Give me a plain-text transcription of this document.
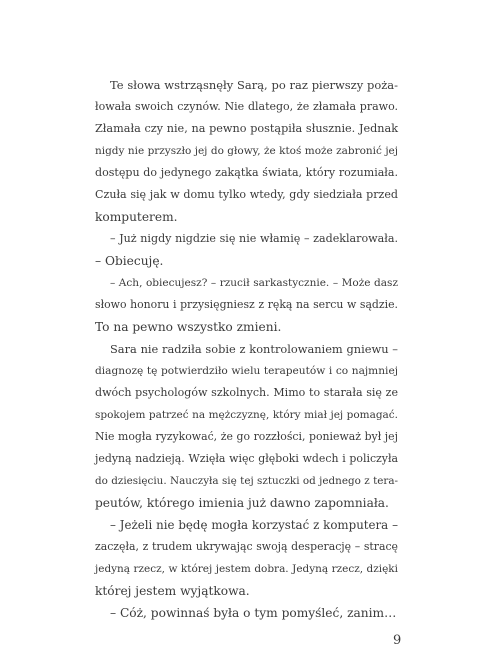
Te słowa wstrząsnęły Sarą, po raz pierwszy poża-
łowała swoich czynów. Nie dlatego, że złamała prawo.
Złamała czy nie, na pewno postąpiła słusznie. Jednak
nigdy nie przyszło jej do głowy, że ktoś może zabronić jej
dostępu do jedynego zakątka świata, który rozumiała.
Czuła się jak w domu tylko wtedy, gdy siedziała przed
komputerem.
– Już nigdy nigdzie się nie włamię – zadeklarowała.
– Obiecuję.
– Ach, obiecujesz? – rzucił sarkastycznie. – Może dasz
słowo honoru i przysięgniesz z ręką na sercu w sądzie.
To na pewno wszystko zmieni.
Sara nie radziła sobie z kontrolowaniem gniewu –
diagnozę tę potwierdziło wielu terapeutów i co najmniej
dwóch psychologów szkolnych. Mimo to starała się ze
spokojem patrzeć na mężczyznę, który miał jej pomagać.
Nie mogła ryzykować, że go rozzłości, ponieważ był jej
jedyną nadzieją. Wzięła więc głęboki wdech i policzyła
do dziesięciu. Nauczyła się tej sztuczki od jednego z tera-
peutów, którego imienia już dawno zapomniała.
– Jeżeli nie będę mogła korzystać z komputera –
zaczęła, z trudem ukrywając swoją desperację – stracę
jedyną rzecz, w której jestem dobra. Jedyną rzecz, dzięki
której jestem wyjątkowa.
– Cóż, powinnaś była o tym pomyśleć, zanim…
9
